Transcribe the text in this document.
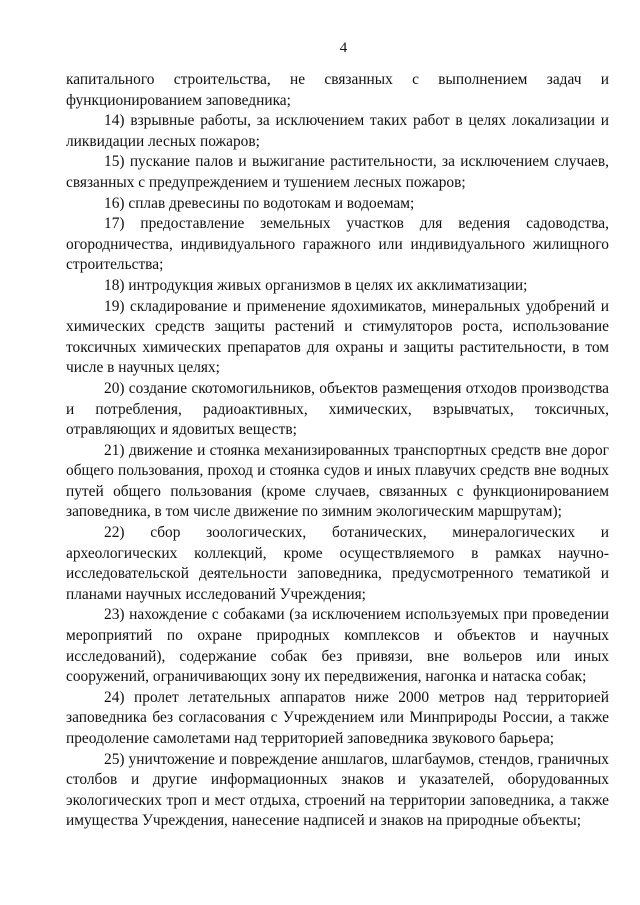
4

капитального строительства, не связанных с выполнением задач и функционированием заповедника;

14) взрывные работы, за исключением таких работ в целях локализации и ликвидации лесных пожаров;

15) пускание палов и выжигание растительности, за исключением случаев, связанных с предупреждением и тушением лесных пожаров;

16) сплав древесины по водотокам и водоемам;

17) предоставление земельных участков для ведения садоводства, огородничества, индивидуального гаражного или индивидуального жилищного строительства;

18) интродукция живых организмов в целях их акклиматизации;

19) складирование и применение ядохимикатов, минеральных удобрений и химических средств защиты растений и стимуляторов роста, использование токсичных химических препаратов для охраны и защиты растительности, в том числе в научных целях;

20) создание скотомогильников, объектов размещения отходов производства и потребления, радиоактивных, химических, взрывчатых, токсичных, отравляющих и ядовитых веществ;

21) движение и стоянка механизированных транспортных средств вне дорог общего пользования, проход и стоянка судов и иных плавучих средств вне водных путей общего пользования (кроме случаев, связанных с функционированием заповедника, в том числе движение по зимним экологическим маршрутам);

22) сбор зоологических, ботанических, минералогических и археологических коллекций, кроме осуществляемого в рамках научно-исследовательской деятельности заповедника, предусмотренного тематикой и планами научных исследований Учреждения;

23) нахождение с собаками (за исключением используемых при проведении мероприятий по охране природных комплексов и объектов и научных исследований), содержание собак без привязи, вне вольеров или иных сооружений, ограничивающих зону их передвижения, нагонка и натаска собак;

24) пролет летательных аппаратов ниже 2000 метров над территорией заповедника без согласования с Учреждением или Минприроды России, а также преодоление самолетами над территорией заповедника звукового барьера;

25) уничтожение и повреждение аншлагов, шлагбаумов, стендов, граничных столбов и другие информационных знаков и указателей, оборудованных экологических троп и мест отдыха, строений на территории заповедника, а также имущества Учреждения, нанесение надписей и знаков на природные объекты;
